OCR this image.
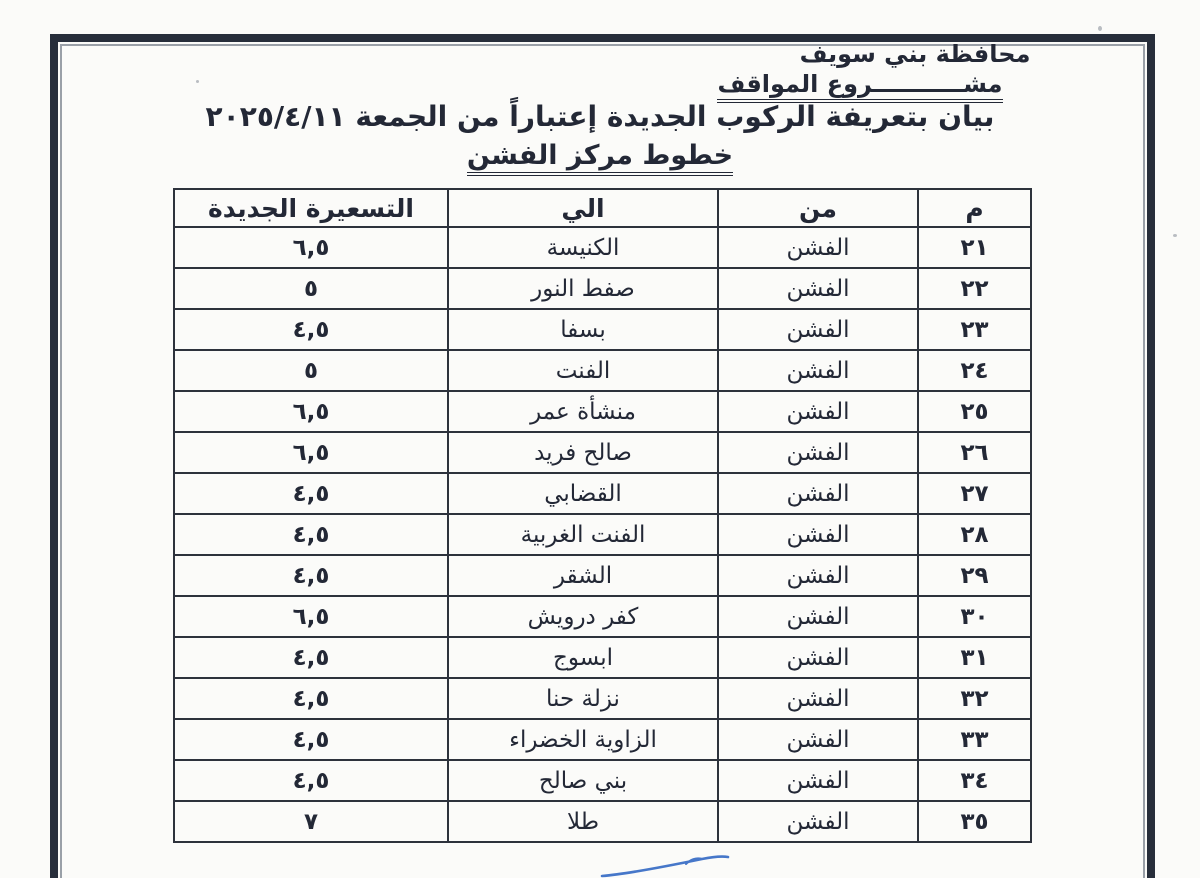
محافظة بني سويف
مشـــــــــــروع المواقف
بيان بتعريفة الركوب الجديدة إعتباراً من الجمعة ٢٠٢٥/٤/١١
خطوط مركز الفشن
م	من	الي	التسعيرة الجديدة
٢١	الفشن	الكنيسة	٦,٥
٢٢	الفشن	صفط النور	٥
٢٣	الفشن	بسفا	٤,٥
٢٤	الفشن	الفنت	٥
٢٥	الفشن	منشأة عمر	٦,٥
٢٦	الفشن	صالح فريد	٦,٥
٢٧	الفشن	القضابي	٤,٥
٢٨	الفشن	الفنت الغربية	٤,٥
٢٩	الفشن	الشقر	٤,٥
٣٠	الفشن	كفر درويش	٦,٥
٣١	الفشن	ابسوج	٤,٥
٣٢	الفشن	نزلة حنا	٤,٥
٣٣	الفشن	الزاوية الخضراء	٤,٥
٣٤	الفشن	بني صالح	٤,٥
٣٥	الفشن	طلا	٧
